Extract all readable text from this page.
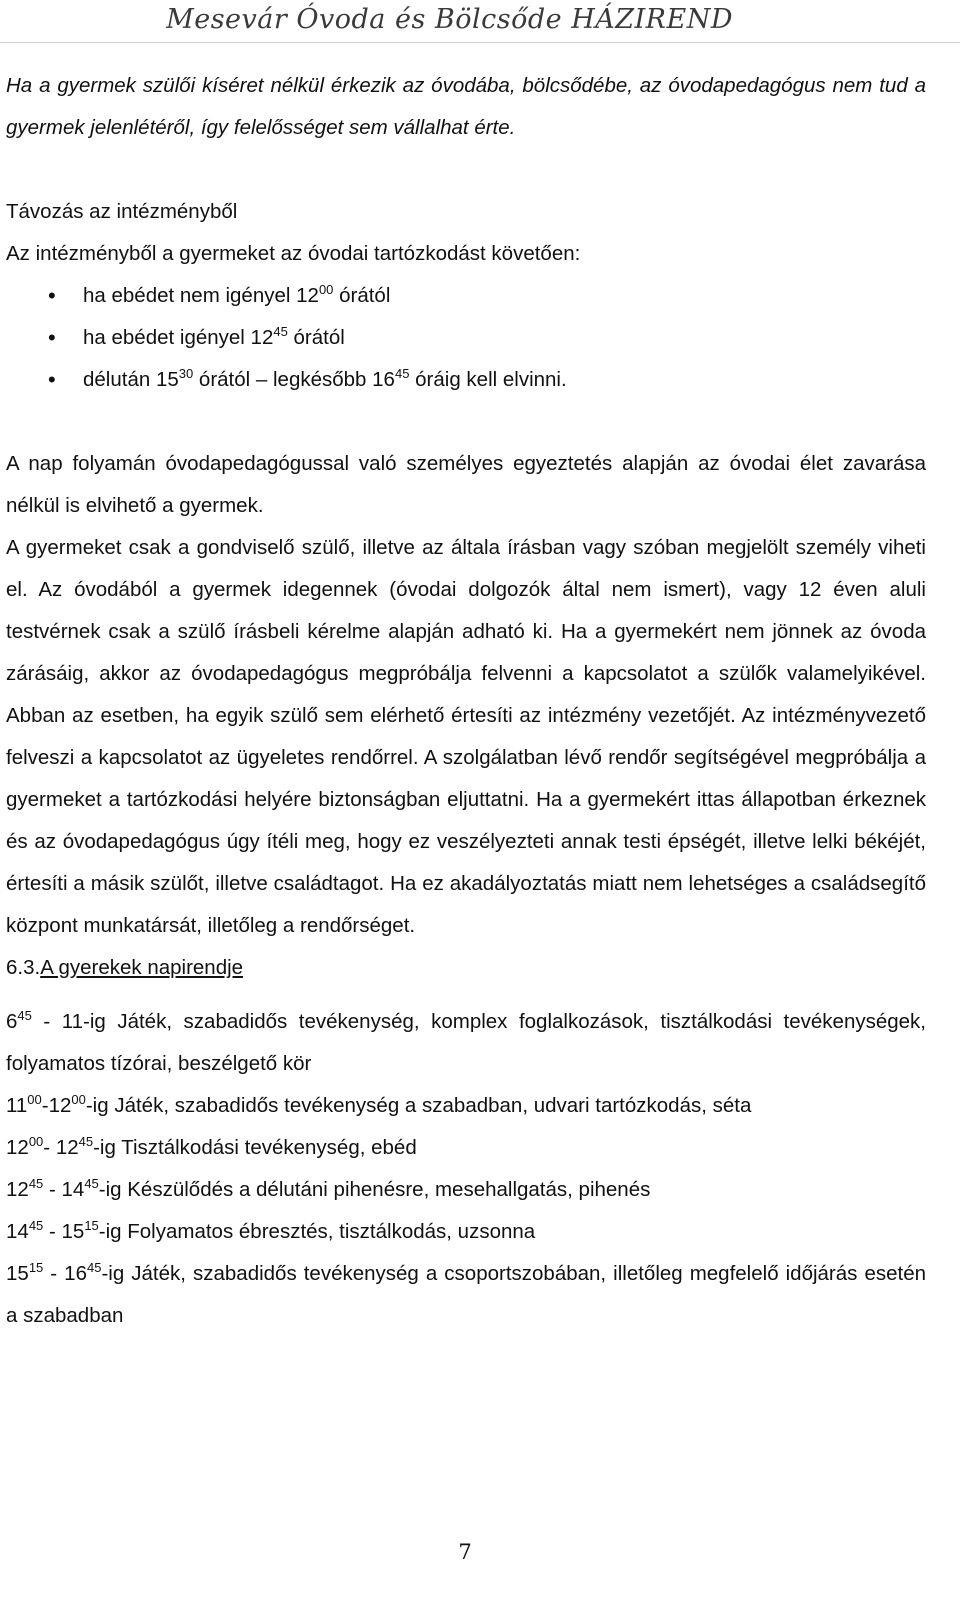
Mesevár Óvoda és Bölcsőde HÁZIREND

Ha a gyermek szülői kíséret nélkül érkezik az óvodába, bölcsődébe, az óvodapedagógus nem tud a gyermek jelenlétéről, így felelősséget sem vállalhat érte.

Távozás az intézményből

Az intézményből a gyermeket az óvodai tartózkodást követően:

• ha ebédet nem igényel $12^{00}$ órától
• ha ebédet igényel $12^{45}$ órától
• délután $15^{30}$ órától – legkésőbb $16^{45}$ óráig kell elvinni.

A nap folyamán óvodapedagógussal való személyes egyeztetés alapján az óvodai élet zavarása nélkül is elvihető a gyermek.

A gyermeket csak a gondviselő szülő, illetve az általa írásban vagy szóban megjelölt személy viheti el. Az óvodából a gyermek idegennek (óvodai dolgozók által nem ismert), vagy 12 éven aluli testvérnek csak a szülő írásbeli kérelme alapján adható ki. Ha a gyermekért nem jönnek az óvoda zárásáig, akkor az óvodapedagógus megpróbálja felvenni a kapcsolatot a szülők valamelyikével. Abban az esetben, ha egyik szülő sem elérhető értesíti az intézmény vezetőjét. Az intézményvezető felveszi a kapcsolatot az ügyeletes rendőrrel. A szolgálatban lévő rendőr segítségével megpróbálja a gyermeket a tartózkodási helyére biztonságban eljuttatni. Ha a gyermekért ittas állapotban érkeznek és az óvodapedagógus úgy ítéli meg, hogy ez veszélyezteti annak testi épségét, illetve lelki békéjét, értesíti a másik szülőt, illetve családtagot. Ha ez akadályoztatás miatt nem lehetséges a családsegítő központ munkatársát, illetőleg a rendőrséget.

6.3.A gyerekek napirendje

$6^{45} - 11-ig$ Játék, szabadidős tevékenység, komplex foglalkozások, tisztálkodási tevékenységek, folyamatos tízórai, beszélgető kör

$11^{00}-12^{00}-ig$ Játék, szabadidős tevékenység a szabadban, udvari tartózkodás, séta

$12^{00}-$ $12^{45}-ig$ Tisztálkodási tevékenység, ebéd

$12^{45} - 14^{45}-ig$ Készülődés a délutáni pihenésre, mesehallgatás, pihenés

$14^{45} - 15^{15}-ig$ Folyamatos ébresztés, tisztálkodás, uzsonna

$15^{15} - 16^{45}-ig$ Játék, szabadidős tevékenység a csoportszobában, illetőleg megfelelő időjárás esetén a szabadban

7
